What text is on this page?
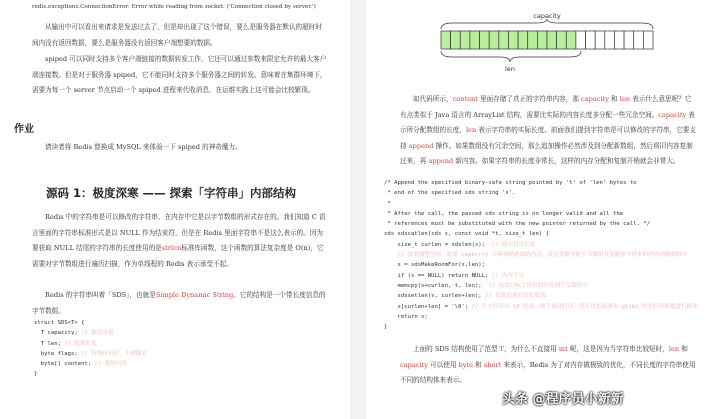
redis.exceptions.ConnectionError: Error while reading from socket: ('Connection closed by server.')

从输出中可以看出来请求是发送过去了，但是却出现了这个错误，要么是服务器在默认的超时时间内没有返回数据，要么是服务器没有返回客户端想要的数据。

spiped 可以同时支持多个客户端链接的数据转发工作，它还可以通过参数来限定允许的最大客户端连接数。但是对于服务器 spiped，它不能同时支持多个服务器之间的转发。意味着在集群环境下，需要为每一个 server 节点启动一个 spiped 进程来代收消息，在运维实践上这可能会比较繁琐。

作业

请读者将 Redis 替换成 MySQL 来体验一下 spiped 的神奇魔力。

源码 1：极度深寒 —— 探索「字符串」内部结构

Redis 中的字符串是可以修改的字符串，在内存中它是以字节数组的形式存在的。我们知道 C 语言里面的字符串标准形式是以 NULL 作为结束符，但是在 Redis 里面字符串不是这么表示的。因为要获取 NULL 结尾的字符串的长度使用的是strlen标准库函数，这个函数的算法复杂度是 O(n)，它需要对字节数组进行遍历扫描，作为单线程的 Redis 表示承受不起。

Redis 的字符串叫着「SDS」，也就是Simple Dynamic String。它的结构是一个带长度信息的字节数组。

struct SDS<T> {
T capacity; // 数组容量
T len; // 数组长度
byte flags; // 特殊标识位，不理睬它
byte[] content; // 数组内容
}
capacity
len

如代码所示，content 里面存储了真正的字符串内容，那 capacity 和 len 表示什么意思呢？它有点类似于 Java 语言的 ArrayList 结构，需要比实际的内容长度多分配一些冗余空间。capacity 表示所分配数组的长度，len 表示字符串的实际长度。前面我们提到字符串是可以修改的字符串，它要支持 append 操作。如果数组没有冗余空间，那么追加操作必然涉及到分配新数组，然后将旧内容复制过来，再 append 新内容。如果字符串的长度非常长，这样的内存分配和复制开销就会非常大。

/* Append the specified binary-safe string pointed by 't' of 'len' bytes to
* end of the specified sds string 's'.
*
* After the call, the passed sds string is no longer valid and all the
* references must be substituted with the new pointer returned by the call. */
sds sdscatlen(sds s, const void *t, size_t len) {
size_t curlen = sdslen(s);  // 原字符串长度
// 按需调整空间，如果 capacity 不够容纳追加的内容，就会重新分配字节数组并复制原字符串的内容到新数组中
s = sdsMakeRoomFor(s,len);
if (s == NULL) return NULL; // 内存不足
memcpy(s+curlen, t, len);  // 追加目标字符串的内容到字节数组中
sdssetlen(s, curlen+len); // 设置追加后的长度值
s[curlen+len] = '\0'; // 让字符串以 \0 结尾，便于调试打印，还可以直接使用 glibc 的字符串函数进行操作
return s;
}

上面的 SDS 结构使用了范型 T，为什么不直接用 int 呢，这是因为当字符串比较短时，len 和 capacity 可以使用 byte 和 short 来表示，Redis 为了对内存做极致的优化，不同长度的字符串使用不同的结构体来表示。

头条 @程序员小新新
